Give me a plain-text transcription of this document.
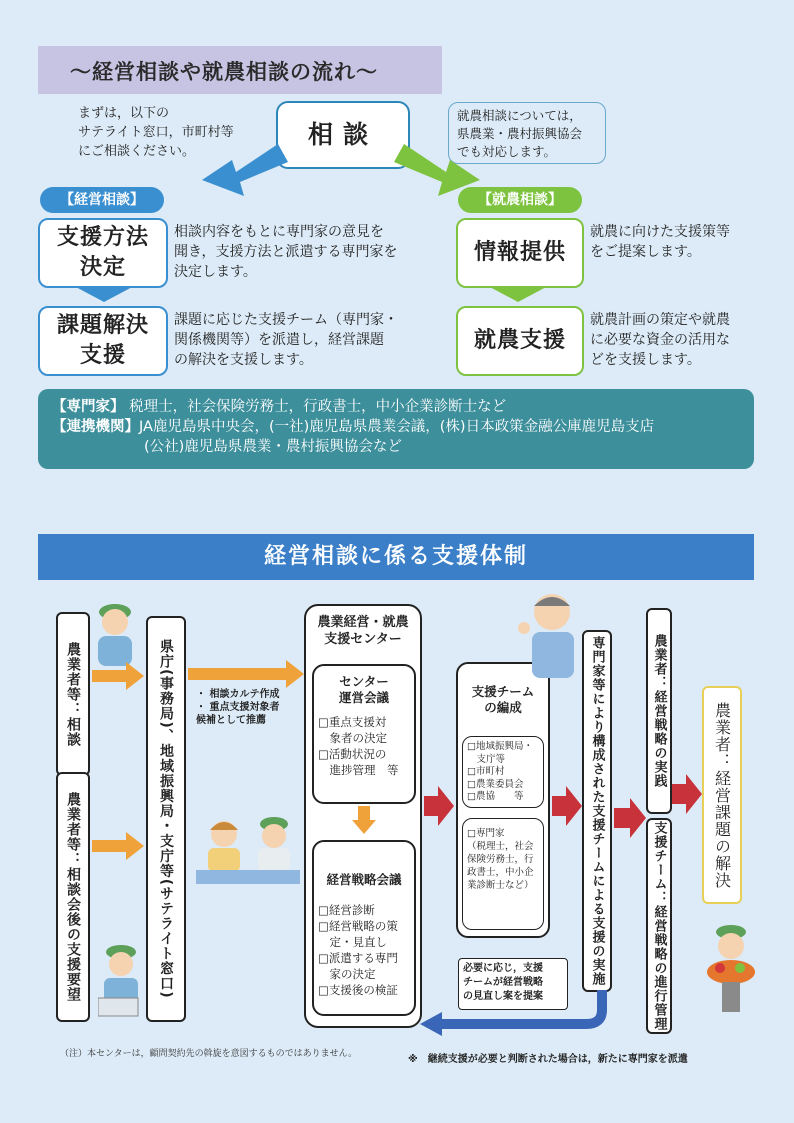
～経営相談や就農相談の流れ～
まずは，以下の
サテライト窓口，市町村等
にご相談ください。
相談
就農相談については，
県農業・農村振興協会
でも対応します。
【経営相談】	【就農相談】
支援方法
決定
相談内容をもとに専門家の意見を
聞き，支援方法と派遣する専門家を
決定します。
課題解決
支援
課題に応じた支援チーム（専門家・
関係機関等）を派遣し，経営課題
の解決を支援します。
情報提供
就農に向けた支援策等
をご提案します。
就農支援
就農計画の策定や就農
に必要な資金の活用な
どを支援します。
【専門家】 税理士，社会保険労務士，行政書士，中小企業診断士など
【連携機関】JA鹿児島県中央会，(一社)鹿児島県農業会議，(株)日本政策金融公庫鹿児島支店
(公社)鹿児島県農業・農村振興協会など
経営相談に係る支援体制
農業者等：相談
農業者等：相談会後の支援要望	県庁(事務局)、地域振興局・支庁等(サテライト窓口) ・ 相談カルテ作成
・ 重点支援対象者
候補として推薦
農業経営・就農
支援センター
センター
運営会議
□重点支援対
　象者の決定
□活動状況の
　進捗管理　等
経営戦略会議
□経営診断
□経営戦略の策
　定・見直し
□派遣する専門
　家の決定
□支援後の検証
支援チーム
の編成
□地域振興局・
　支庁等
□市町村
□農業委員会
□農協　　等
□専門家
（税理士，社会
保険労務士，行
政書士，中小企
業診断士など）	専門家等により構成された支援チームによる支援の実施	農業者：経営戦略の実践
支援チーム：経営戦略の進行管理
農業者：経営課題の解決
必要に応じ，支援
チームが経営戦略
の見直し案を提案
（注）本センターは，顧問契約先の斡旋を意図するものではありません。	※　継続支援が必要と判断された場合は，新たに専門家を派遣
